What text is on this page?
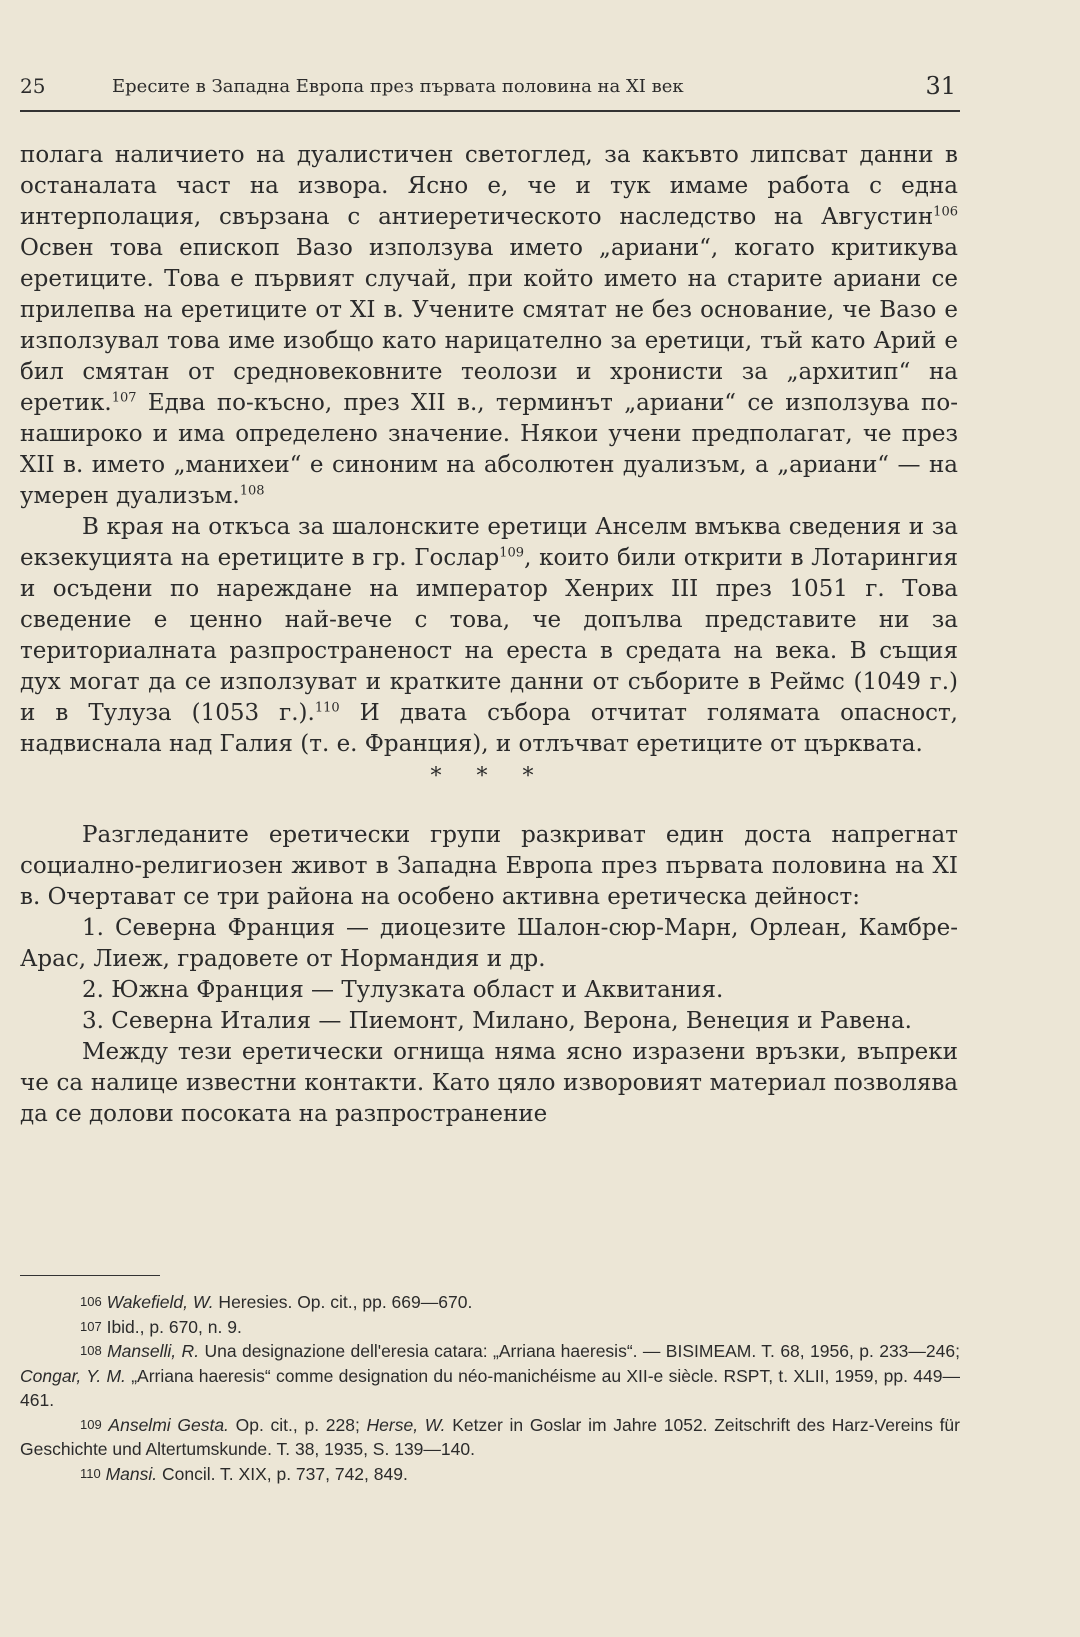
25	Ересите в Западна Европа през първата половина на XI век	31

полага наличието на дуалистичен светоглед, за какъвто липсват данни в останалата част на извора. Ясно е, че и тук имаме работа с една интерполация, свързана с антиеретическото наследство на Августин$^{106}$ Освен това епископ Вазо използува името „ариани“, когато критикува еретиците. Това е първият случай, при който името на старите ариани се прилепва на еретиците от XI в. Учените смятат не без основание, че Вазо е използувал това име изобщо като нарицателно за еретици, тъй като Арий е бил смятан от средновековните теолози и хронисти за „архитип“ на еретик.$^{107}$ Едва по-късно, през XII в., терминът „ариани“ се използува по-нашироко и има определено значение. Някои учени предполагат, че през XII в. името „манихеи“ е синоним на абсолютен дуализъм, а „ариани“ — на умерен дуализъм.$^{108}$

В края на откъса за шалонските еретици Анселм вмъква сведения и за екзекуцията на еретиците в гр. Гослар$^{109}$, които били открити в Лотарингия и осъдени по нареждане на император Хенрих III през 1051 г. Това сведение е ценно най-вече с това, че допълва представите ни за териториалната разпространеност на ереста в средата на века. В същия дух могат да се използуват и кратките данни от съборите в Реймс (1049 г.) и в Тулуза (1053 г.).$^{110}$ И двата събора отчитат голямата опасност, надвиснала над Галия (т. е. Франция), и отлъчват еретиците от църквата.

* * *

Разгледаните еретически групи разкриват един доста напрегнат социално-религиозен живот в Западна Европа през първата половина на XI в. Очертават се три района на особено активна еретическа дейност:

1. Северна Франция — диоцезите Шалон-сюр-Марн, Орлеан, Камбре-Арас, Лиеж, градовете от Нормандия и др.

2. Южна Франция — Тулузката област и Аквитания.

3. Северна Италия — Пиемонт, Милано, Верона, Венеция и Равена.

Между тези еретически огнища няма ясно изразени връзки, въпреки че са налице известни контакти. Като цяло изворовият материал позволява да се долови посоката на разпространение

$^{106}$ Wakefield, W. Heresies. Op. cit., pp. 669—670.

$^{107}$ Ibid., p. 670, n. 9.

$^{108}$ Manselli, R. Una designazione dell'eresia catara: „Arriana haeresis“. — BISIMEAM. T. 68, 1956, p. 233—246; Congar, Y. M. „Arriana haeresis“ comme designation du néo-manichéisme au XII-e siècle. RSPT, t. XLII, 1959, pp. 449—461.

$^{109}$ Anselmi Gesta. Op. cit., p. 228; Herse, W. Ketzer in Goslar im Jahre 1052. Zeitschrift des Harz-Vereins für Geschichte und Altertumskunde. T. 38, 1935, S. 139—140.

$^{110}$ Mansi. Concil. T. XIX, p. 737, 742, 849.
